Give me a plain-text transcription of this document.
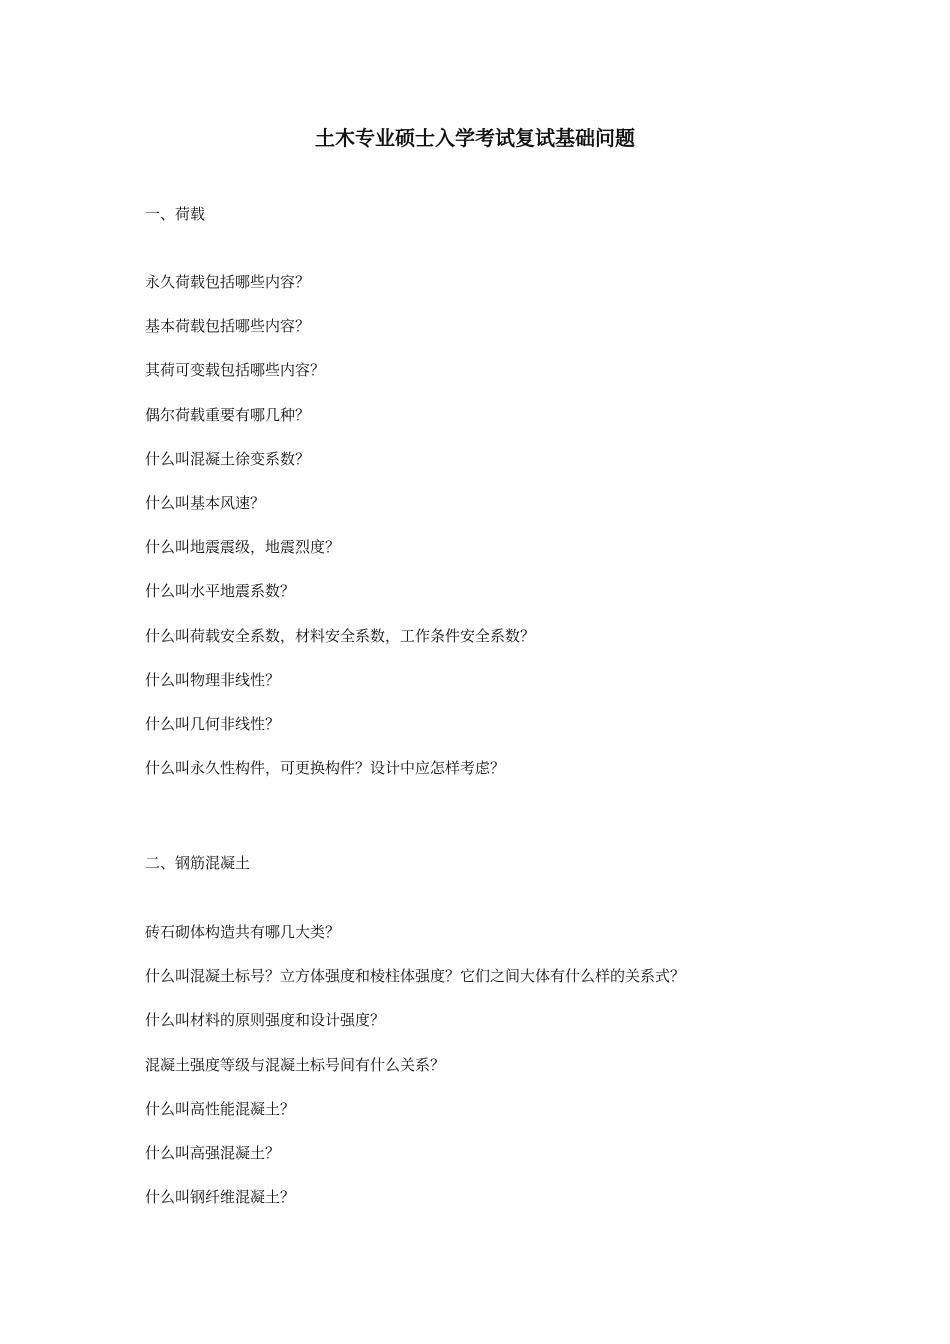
土木专业硕士入学考试复试基础问题
一、荷载
永久荷载包括哪些内容？
基本荷载包括哪些内容？
其荷可变载包括哪些内容？
偶尔荷载重要有哪几种？
什么叫混凝土徐变系数？
什么叫基本风速？
什么叫地震震级，地震烈度？
什么叫水平地震系数？
什么叫荷载安全系数，材料安全系数，工作条件安全系数？
什么叫物理非线性？
什么叫几何非线性？
什么叫永久性构件，可更换构件？设计中应怎样考虑？
二、钢筋混凝土
砖石砌体构造共有哪几大类？
什么叫混凝土标号？立方体强度和棱柱体强度？它们之间大体有什么样的关系式？
什么叫材料的原则强度和设计强度？
混凝土强度等级与混凝土标号间有什么关系？
什么叫高性能混凝土？
什么叫高强混凝土？
什么叫钢纤维混凝土？
